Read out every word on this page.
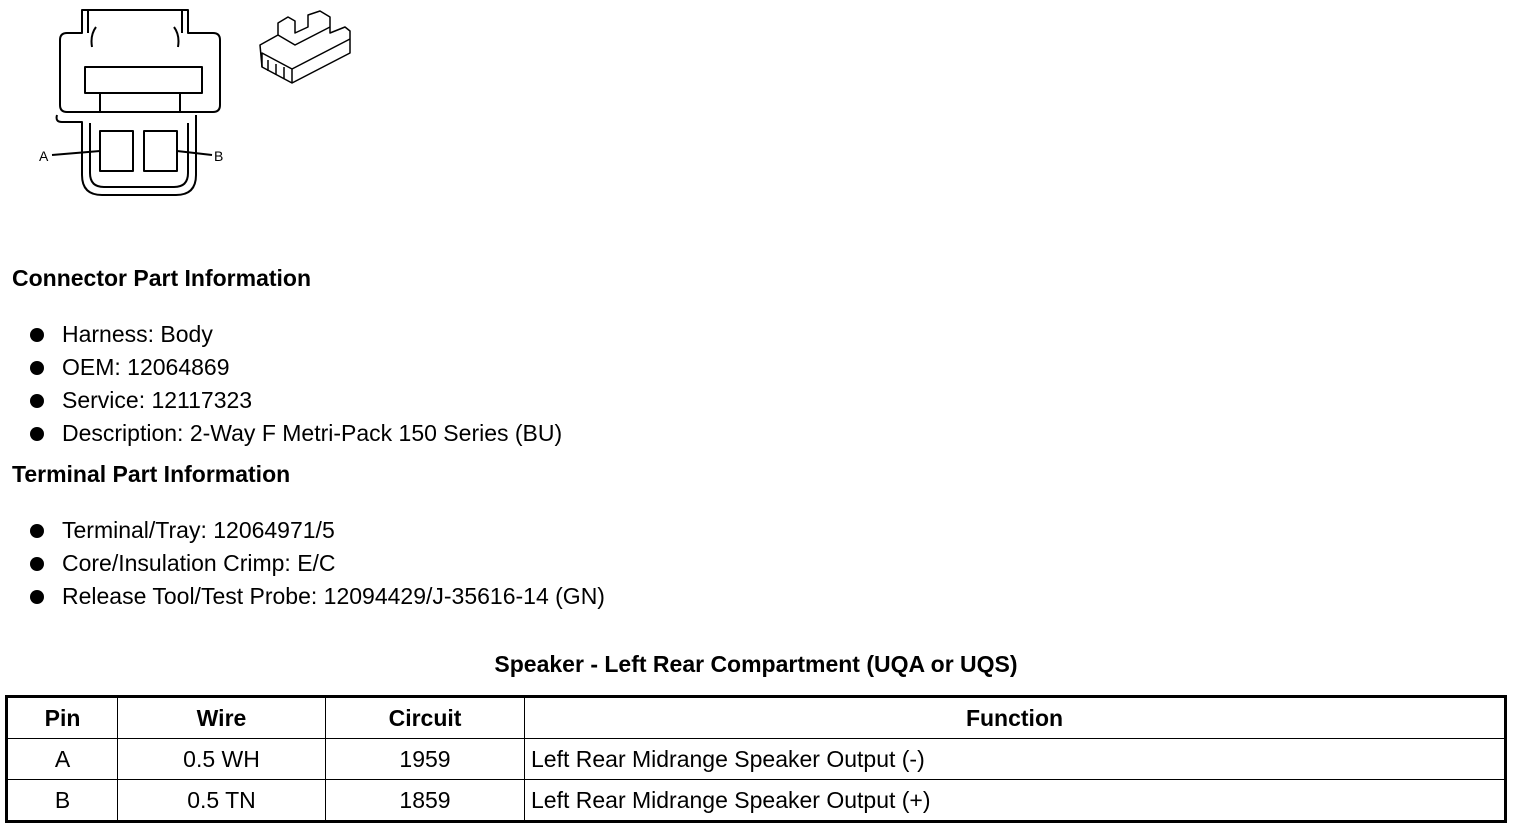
A	B
Connector Part Information
Harness: Body
OEM: 12064869
Service: 12117323
Description: 2-Way F Metri-Pack 150 Series (BU)
Terminal Part Information
Terminal/Tray: 12064971/5
Core/Insulation Crimp: E/C
Release Tool/Test Probe: 12094429/J-35616-14 (GN)
Speaker - Left Rear Compartment (UQA or UQS)
Pin	Wire	Circuit	Function
A	0.5 WH	1959	Left Rear Midrange Speaker Output (-)
B	0.5 TN	1859	Left Rear Midrange Speaker Output (+)
